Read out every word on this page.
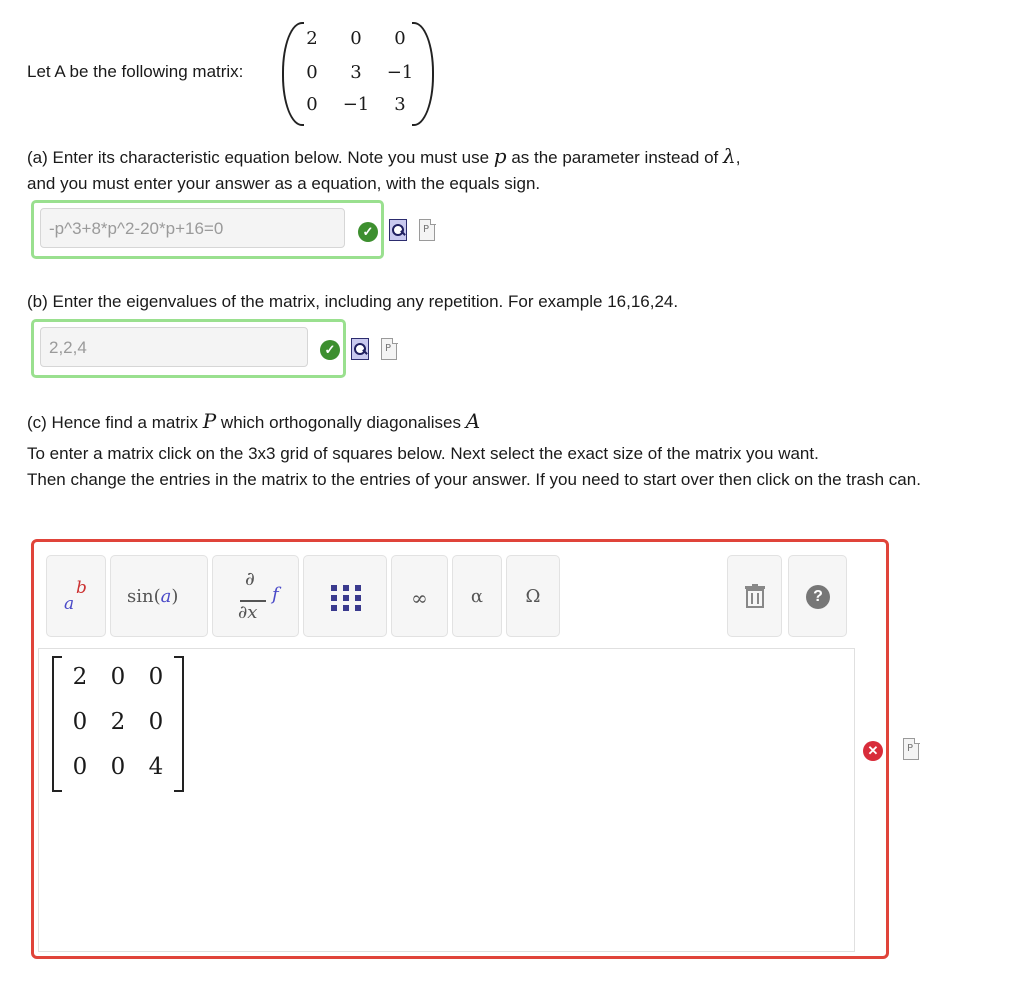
Let A be the following matrix:
2	0	0
0	3	−1
0	−1	3
(a) Enter its characteristic equation below. Note you must use p as the parameter instead of λ,
and you must enter your answer as a equation, with the equals sign.
-p^3+8*p^2-20*p+16=0	✓	P
(b) Enter the eigenvalues of the matrix, including any repetition. For example 16,16,24.
2,2,4	✓	P
(c) Hence find a matrix P which orthogonally diagonalises A
To enter a matrix click on the 3x3 grid of squares below. Next select the exact size of the matrix you want.
Then change the entries in the matrix to the entries of your answer. If you need to start over then click on the trash can.
a
b sin(a)
∂
∂x
f	∞	α	Ω	?
2	0	0
0	2	0
0	0	4
✕	P
